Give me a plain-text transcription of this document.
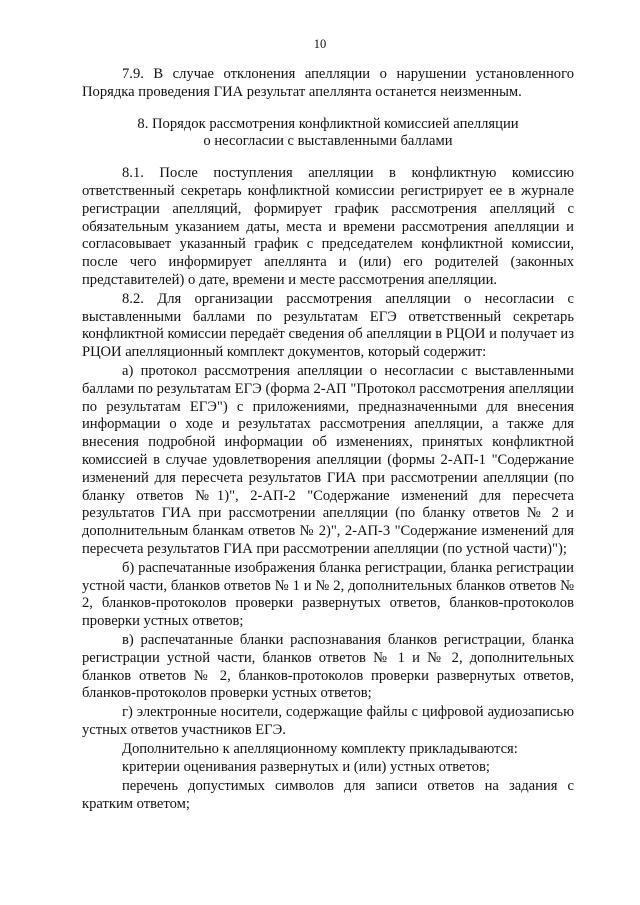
10

7.9. В случае отклонения апелляции о нарушении установленного Порядка проведения ГИА результат апеллянта останется неизменным.

8. Порядок рассмотрения конфликтной комиссией апелляции
о несогласии с выставленными баллами

8.1. После поступления апелляции в конфликтную комиссию ответственный секретарь конфликтной комиссии регистрирует ее в журнале регистрации апелляций, формирует график рассмотрения апелляций с обязательным указанием даты, места и времени рассмотрения апелляции и согласовывает указанный график с председателем конфликтной комиссии, после чего информирует апеллянта и (или) его родителей (законных представителей) о дате, времени и месте рассмотрения апелляции.

8.2. Для организации рассмотрения апелляции о несогласии с выставленными баллами по результатам ЕГЭ ответственный секретарь конфликтной комиссии передаёт сведения об апелляции в РЦОИ и получает из РЦОИ апелляционный комплект документов, который содержит:

а) протокол рассмотрения апелляции о несогласии с выставленными баллами по результатам ЕГЭ (форма 2-АП "Протокол рассмотрения апелляции по результатам ЕГЭ") с приложениями, предназначенными для внесения информации о ходе и результатах рассмотрения апелляции, а также для внесения подробной информации об изменениях, принятых конфликтной комиссией в случае удовлетворения апелляции (формы 2-АП-1 "Содержание изменений для пересчета результатов ГИА при рассмотрении апелляции (по бланку ответов №1)", 2-АП-2 "Содержание изменений для пересчета результатов ГИА при рассмотрении апелляции (по бланку ответов № 2 и дополнительным бланкам ответов № 2)", 2-АП-3 "Содержание изменений для пересчета результатов ГИА при рассмотрении апелляции (по устной части)");

б) распечатанные изображения бланка регистрации, бланка регистрации устной части, бланков ответов № 1 и № 2, дополнительных бланков ответов № 2, бланков-протоколов проверки развернутых ответов, бланков-протоколов проверки устных ответов;

в) распечатанные бланки распознавания бланков регистрации, бланка регистрации устной части, бланков ответов № 1 и № 2, дополнительных бланков ответов № 2, бланков-протоколов проверки развернутых ответов, бланков-протоколов проверки устных ответов;

г) электронные носители, содержащие файлы с цифровой аудиозаписью устных ответов участников ЕГЭ.

Дополнительно к апелляционному комплекту прикладываются:

критерии оценивания развернутых и (или) устных ответов;

перечень допустимых символов для записи ответов на задания с кратким ответом;
